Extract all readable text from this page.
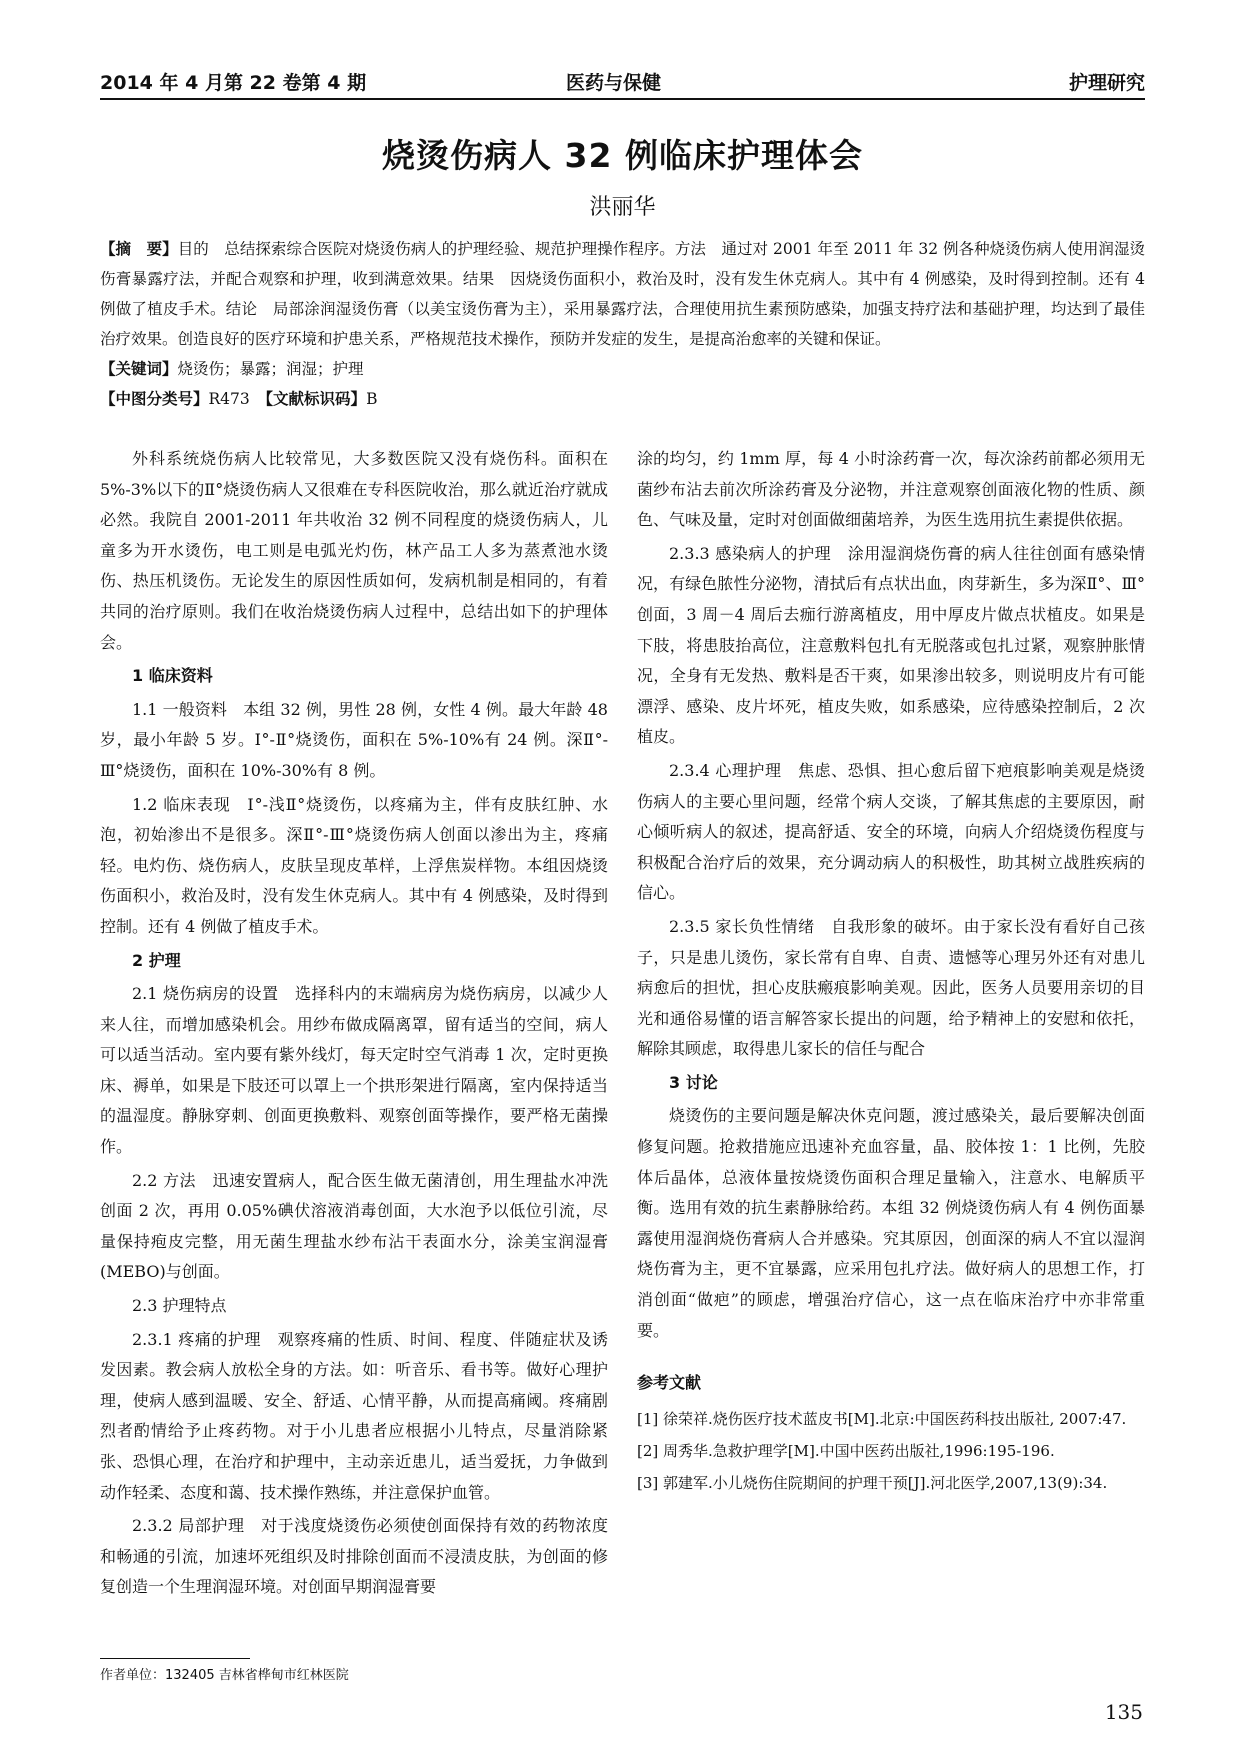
2014 年 4 月第 22 卷第 4 期	医药与保健	护理研究
烧烫伤病人 32 例临床护理体会
洪丽华

【摘　要】目的　总结探索综合医院对烧烫伤病人的护理经验、规范护理操作程序。方法　通过对 2001 年至 2011 年 32 例各种烧烫伤病人使用润湿烫伤膏暴露疗法，并配合观察和护理，收到满意效果。结果　因烧烫伤面积小，救治及时，没有发生休克病人。其中有 4 例感染，及时得到控制。还有 4 例做了植皮手术。结论　局部涂润湿烫伤膏（以美宝烫伤膏为主），采用暴露疗法，合理使用抗生素预防感染，加强支持疗法和基础护理，均达到了最佳治疗效果。创造良好的医疗环境和护患关系，严格规范技术操作，预防并发症的发生，是提高治愈率的关键和保证。

【关键词】烧烫伤；暴露；润湿；护理

【中图分类号】R473　 【文献标识码】B

外科系统烧伤病人比较常见，大多数医院又没有烧伤科。面积在 5%-3%以下的Ⅱ°烧烫伤病人又很难在专科医院收治，那么就近治疗就成必然。我院自 2001-2011 年共收治 32 例不同程度的烧烫伤病人，儿童多为开水烫伤，电工则是电弧光灼伤，林产品工人多为蒸煮池水烫伤、热压机烫伤。无论发生的原因性质如何，发病机制是相同的，有着共同的治疗原则。我们在收治烧烫伤病人过程中，总结出如下的护理体会。

1 临床资料

1.1 一般资料　本组 32 例，男性 28 例，女性 4 例。最大年龄 48 岁，最小年龄 5 岁。Ⅰ°-Ⅱ°烧烫伤，面积在 5%-10%有 24 例。深Ⅱ°-Ⅲ°烧烫伤，面积在 10%-30%有 8 例。

1.2 临床表现　Ⅰ°-浅Ⅱ°烧烫伤，以疼痛为主，伴有皮肤红肿、水泡，初始渗出不是很多。深Ⅱ°-Ⅲ°烧烫伤病人创面以渗出为主，疼痛轻。电灼伤、烧伤病人，皮肤呈现皮革样，上浮焦炭样物。本组因烧烫伤面积小，救治及时，没有发生休克病人。其中有 4 例感染，及时得到控制。还有 4 例做了植皮手术。

2 护理

2.1 烧伤病房的设置　选择科内的末端病房为烧伤病房，以减少人来人往，而增加感染机会。用纱布做成隔离罩，留有适当的空间，病人可以适当活动。室内要有紫外线灯，每天定时空气消毒 1 次，定时更换床、褥单，如果是下肢还可以罩上一个拱形架进行隔离，室内保持适当的温湿度。静脉穿刺、创面更换敷料、观察创面等操作，要严格无菌操作。

2.2 方法　迅速安置病人，配合医生做无菌清创，用生理盐水冲洗创面 2 次，再用 0.05%碘伏溶液消毒创面，大水泡予以低位引流，尽量保持疱皮完整，用无菌生理盐水纱布沾干表面水分，涂美宝润湿膏(MEBO)与创面。

2.3 护理特点

2.3.1 疼痛的护理　观察疼痛的性质、时间、程度、伴随症状及诱发因素。教会病人放松全身的方法。如：听音乐、看书等。做好心理护理，使病人感到温暖、安全、舒适、心情平静，从而提高痛阈。疼痛剧烈者酌情给予止疼药物。对于小儿患者应根据小儿特点，尽量消除紧张、恐惧心理，在治疗和护理中，主动亲近患儿，适当爱抚，力争做到动作轻柔、态度和蔼、技术操作熟练，并注意保护血管。

2.3.2 局部护理　对于浅度烧烫伤必须使创面保持有效的药物浓度和畅通的引流，加速坏死组织及时排除创面而不浸渍皮肤，为创面的修复创造一个生理润湿环境。对创面早期润湿膏要

涂的均匀，约 1mm 厚，每 4 小时涂药膏一次，每次涂药前都必须用无菌纱布沾去前次所涂药膏及分泌物，并注意观察创面液化物的性质、颜色、气味及量，定时对创面做细菌培养，为医生选用抗生素提供依据。

2.3.3 感染病人的护理　涂用湿润烧伤膏的病人往往创面有感染情况，有绿色脓性分泌物，清拭后有点状出血，肉芽新生，多为深Ⅱ°、Ⅲ°创面，3 周－4 周后去痂行游离植皮，用中厚皮片做点状植皮。如果是下肢，将患肢抬高位，注意敷料包扎有无脱落或包扎过紧，观察肿胀情况，全身有无发热、敷料是否干爽，如果渗出较多，则说明皮片有可能漂浮、感染、皮片坏死，植皮失败，如系感染，应待感染控制后，2 次植皮。

2.3.4 心理护理　焦虑、恐惧、担心愈后留下疤痕影响美观是烧烫伤病人的主要心里问题，经常个病人交谈，了解其焦虑的主要原因，耐心倾听病人的叙述，提高舒适、安全的环境，向病人介绍烧烫伤程度与积极配合治疗后的效果，充分调动病人的积极性，助其树立战胜疾病的信心。

2.3.5 家长负性情绪　自我形象的破坏。由于家长没有看好自己孩子，只是患儿烫伤，家长常有自卑、自责、遗憾等心理另外还有对患儿病愈后的担忧，担心皮肤瘢痕影响美观。因此，医务人员要用亲切的目光和通俗易懂的语言解答家长提出的问题，给予精神上的安慰和依托，解除其顾虑，取得患儿家长的信任与配合

3 讨论

烧烫伤的主要问题是解决休克问题，渡过感染关，最后要解决创面修复问题。抢救措施应迅速补充血容量，晶、胶体按 1：1 比例，先胶体后晶体，总液体量按烧烫伤面积合理足量输入，注意水、电解质平衡。选用有效的抗生素静脉给药。本组 32 例烧烫伤病人有 4 例伤面暴露使用湿润烧伤膏病人合并感染。究其原因，创面深的病人不宜以湿润烧伤膏为主，更不宜暴露，应采用包扎疗法。做好病人的思想工作，打消创面“做疤”的顾虑，增强治疗信心，这一点在临床治疗中亦非常重要。

参考文献

[1] 徐荣祥.烧伤医疗技术蓝皮书[M].北京:中国医药科技出版社, 2007:47.

[2] 周秀华.急救护理学[M].中国中医药出版社,1996:195-196.

[3] 郭建军.小儿烧伤住院期间的护理干预[J].河北医学,2007,13(9):34.

作者单位：132405 吉林省桦甸市红林医院
135
